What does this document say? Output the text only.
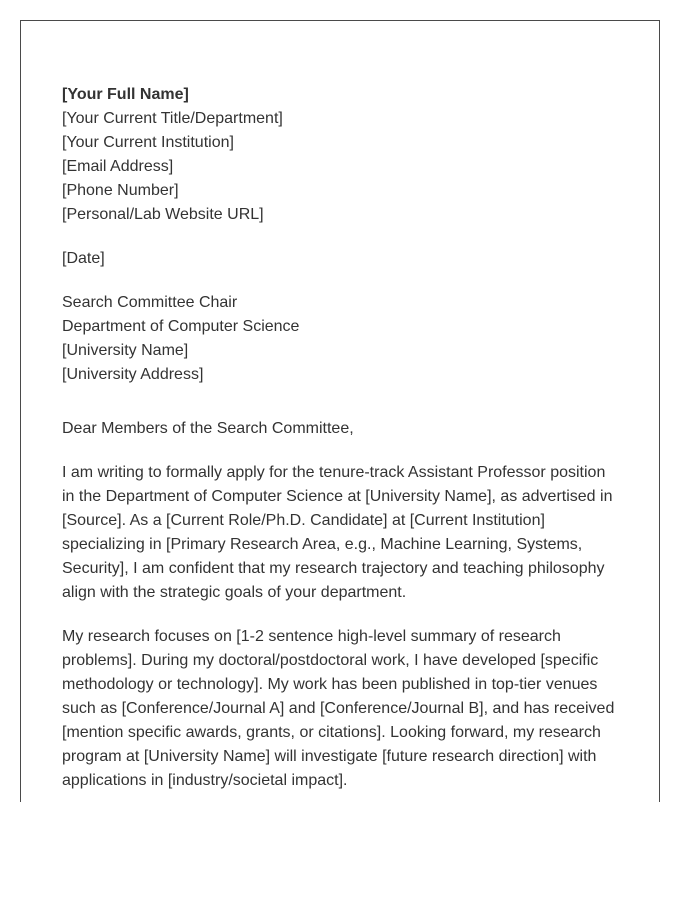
[Your Full Name]
[Your Current Title/Department]
[Your Current Institution]
[Email Address]
[Phone Number]
[Personal/Lab Website URL]
[Date]
Search Committee Chair
Department of Computer Science
[University Name]
[University Address]
Dear Members of the Search Committee,

I am writing to formally apply for the tenure-track Assistant Professor position in the Department of Computer Science at [University Name], as advertised in [Source]. As a [Current Role/Ph.D. Candidate] at [Current Institution] specializing in [Primary Research Area, e.g., Machine Learning, Systems, Security], I am confident that my research trajectory and teaching philosophy align with the strategic goals of your department.

My research focuses on [1-2 sentence high-level summary of research problems]. During my doctoral/postdoctoral work, I have developed [specific methodology or technology]. My work has been published in top-tier venues such as [Conference/Journal A] and [Conference/Journal B], and has received [mention specific awards, grants, or citations]. Looking forward, my research program at [University Name] will investigate [future research direction] with applications in [industry/societal impact].
